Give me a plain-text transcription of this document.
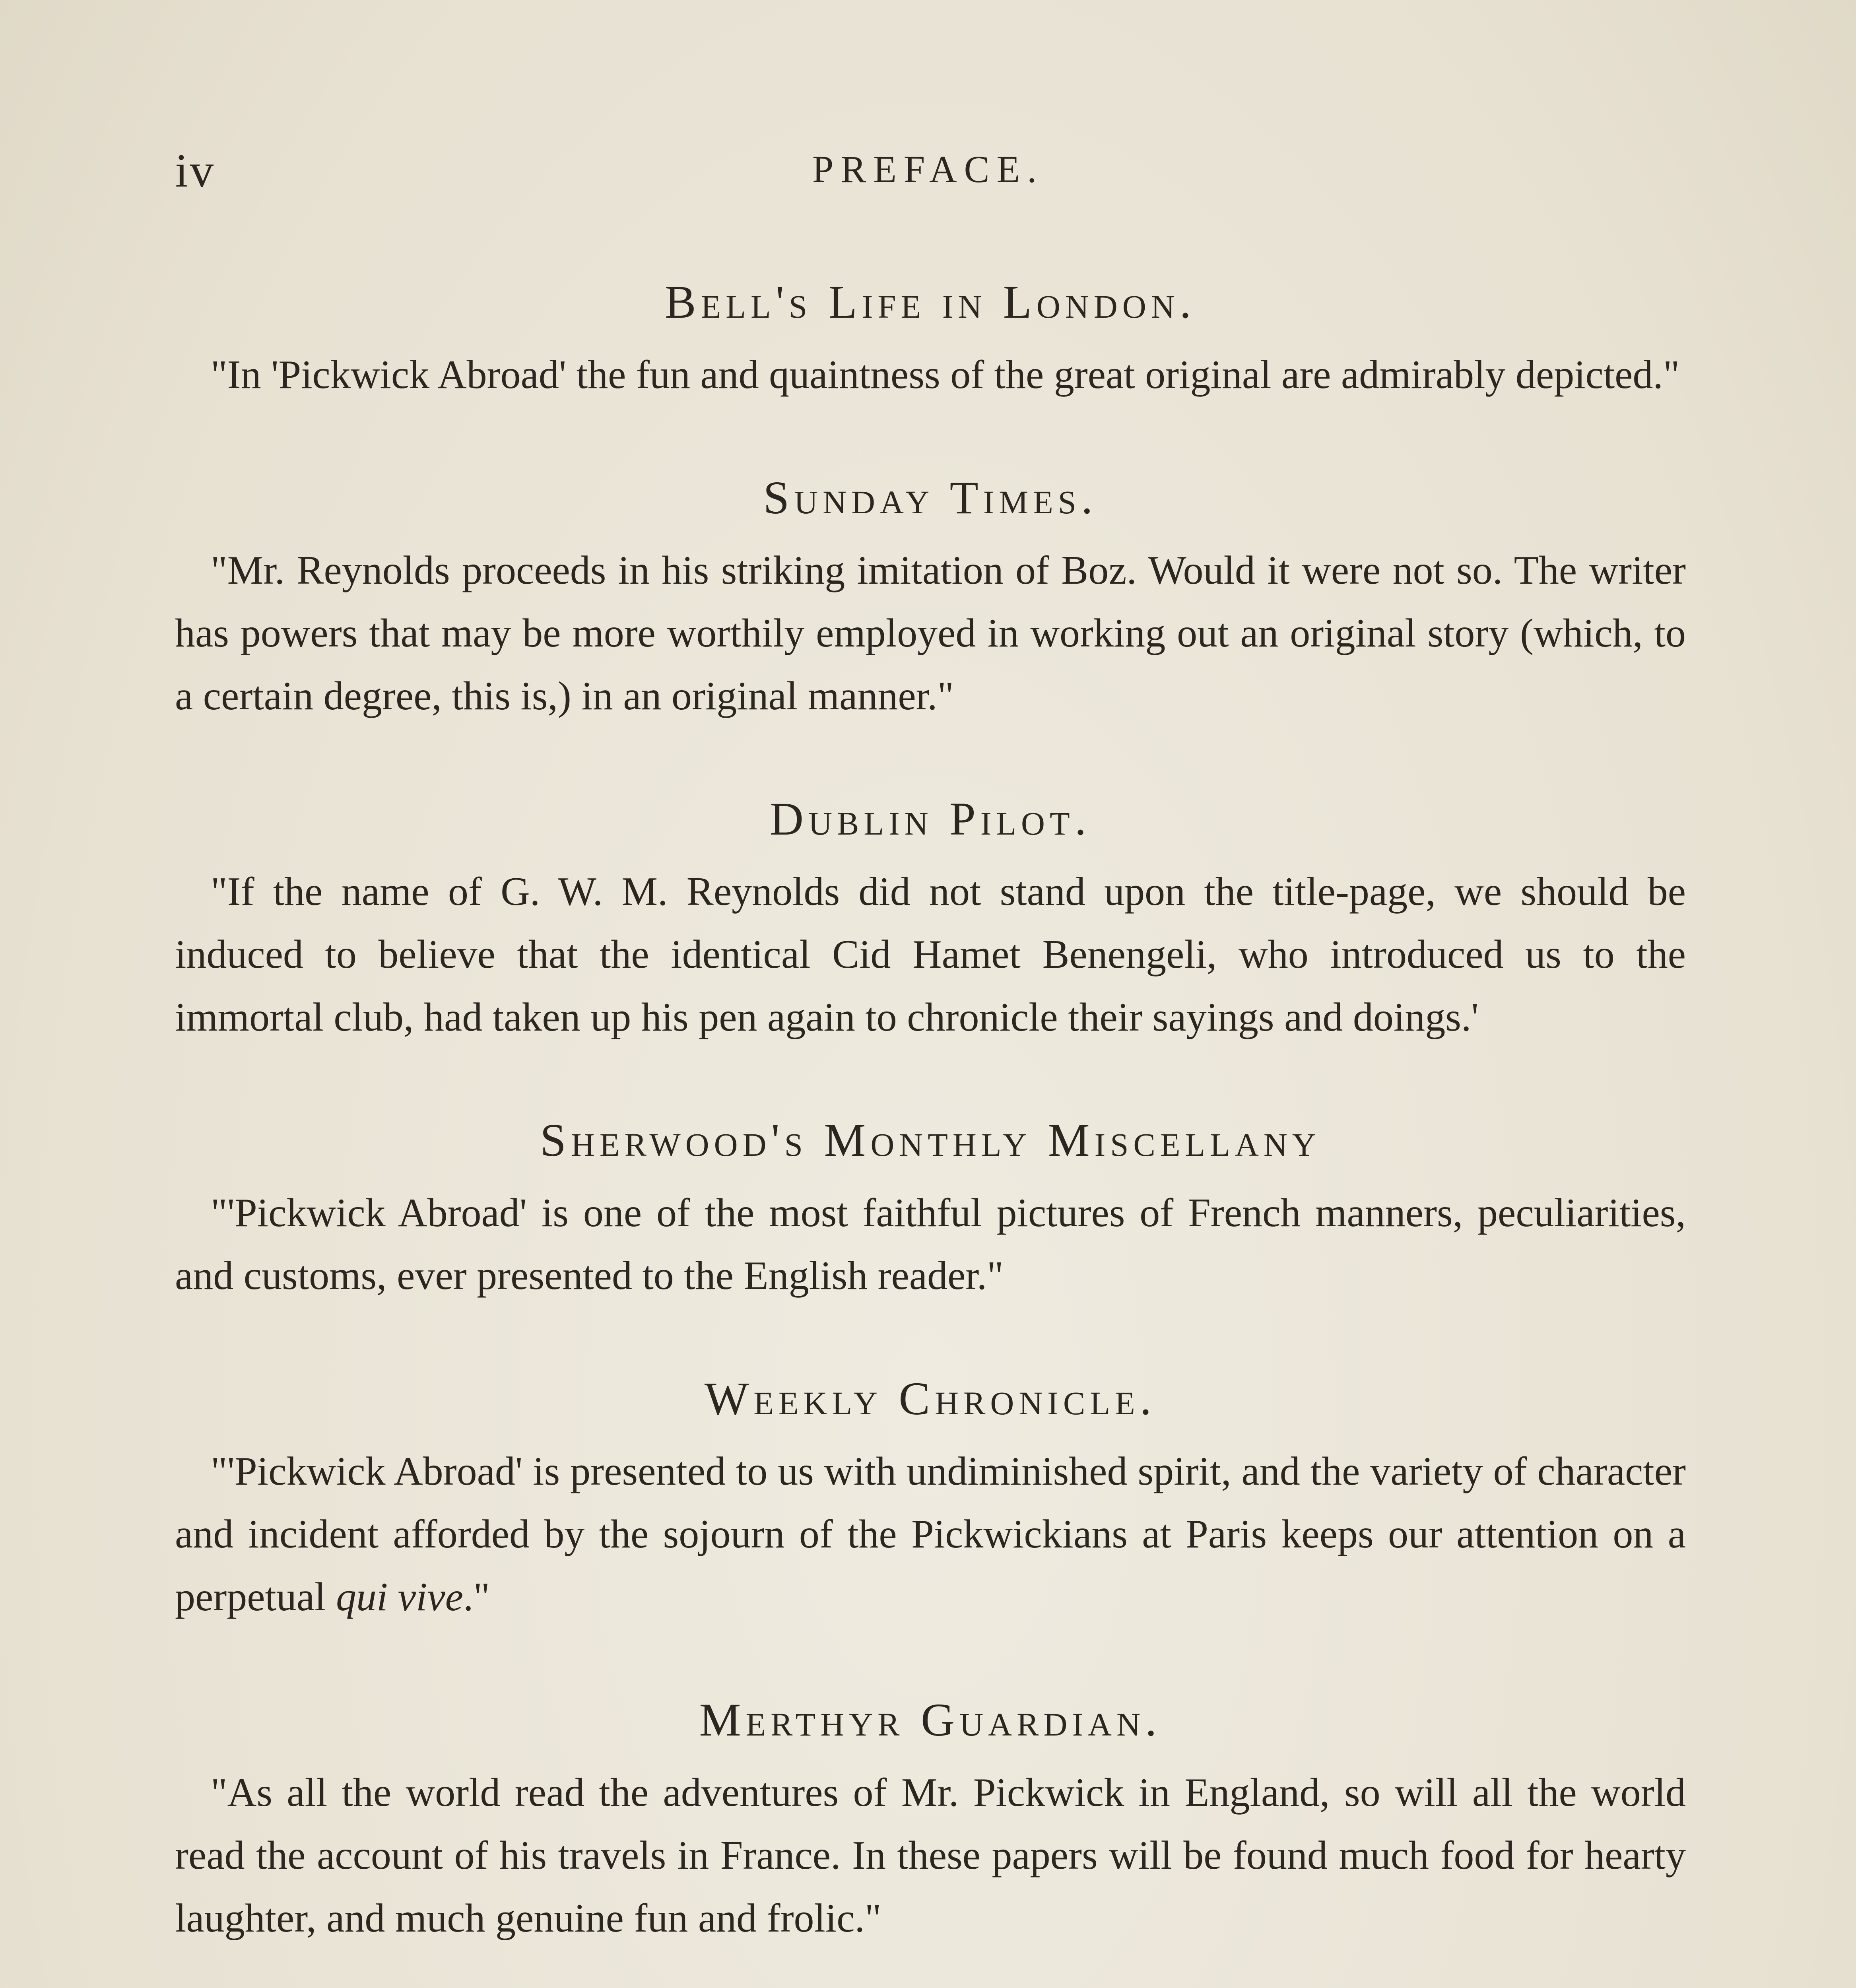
iv	PREFACE.
Bell's Life in London.

"In 'Pickwick Abroad' the fun and quaintness of the great original are admirably depicted."

Sunday Times.

"Mr. Reynolds proceeds in his striking imitation of Boz. Would it were not so. The writer has powers that may be more worthily employed in working out an original story (which, to a certain degree, this is,) in an original manner."

Dublin Pilot.

"If the name of G. W. M. Reynolds did not stand upon the title-page, we should be induced to believe that the identical Cid Hamet Benengeli, who introduced us to the immortal club, had taken up his pen again to chronicle their sayings and doings.'

Sherwood's Monthly Miscellany

"'Pickwick Abroad' is one of the most faithful pictures of French manners, peculiarities, and customs, ever presented to the English reader."

Weekly Chronicle.

"'Pickwick Abroad' is presented to us with undiminished spirit, and the variety of character and incident afforded by the sojourn of the Pickwickians at Paris keeps our attention on a perpetual qui vive."

Merthyr Guardian.

"As all the world read the adventures of Mr. Pickwick in England, so will all the world read the account of his travels in France. In these papers will be found much food for hearty laughter, and much genuine fun and frolic."
